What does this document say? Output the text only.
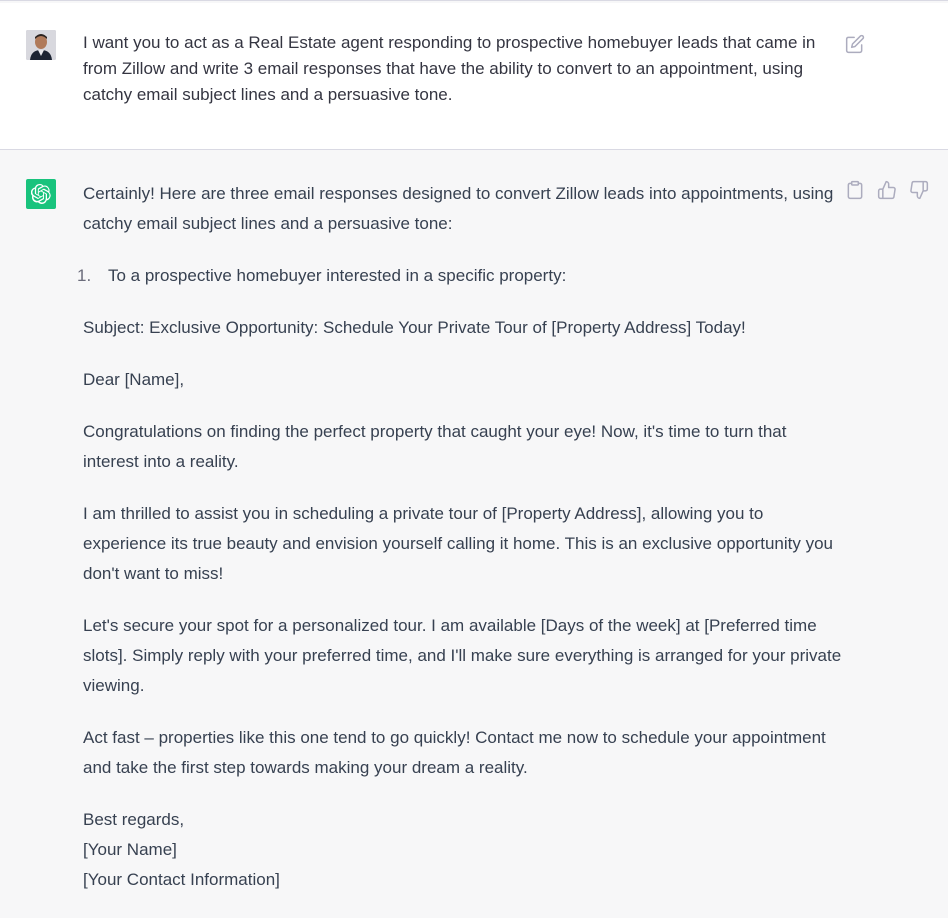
I want you to act as a Real Estate agent responding to prospective homebuyer leads that came in from Zillow and write 3 email responses that have the ability to convert to an appointment, using catchy email subject lines and a persuasive tone.

Certainly! Here are three email responses designed to convert Zillow leads into appointments, using catchy email subject lines and a persuasive tone:

1. To a prospective homebuyer interested in a specific property:

Subject: Exclusive Opportunity: Schedule Your Private Tour of [Property Address] Today!

Dear [Name],

Congratulations on finding the perfect property that caught your eye! Now, it's time to turn that interest into a reality.

I am thrilled to assist you in scheduling a private tour of [Property Address], allowing you to experience its true beauty and envision yourself calling it home. This is an exclusive opportunity you don't want to miss!

Let's secure your spot for a personalized tour. I am available [Days of the week] at [Preferred time slots]. Simply reply with your preferred time, and I'll make sure everything is arranged for your private viewing.

Act fast – properties like this one tend to go quickly! Contact me now to schedule your appointment and take the first step towards making your dream a reality.

Best regards,
[Your Name]
[Your Contact Information]
